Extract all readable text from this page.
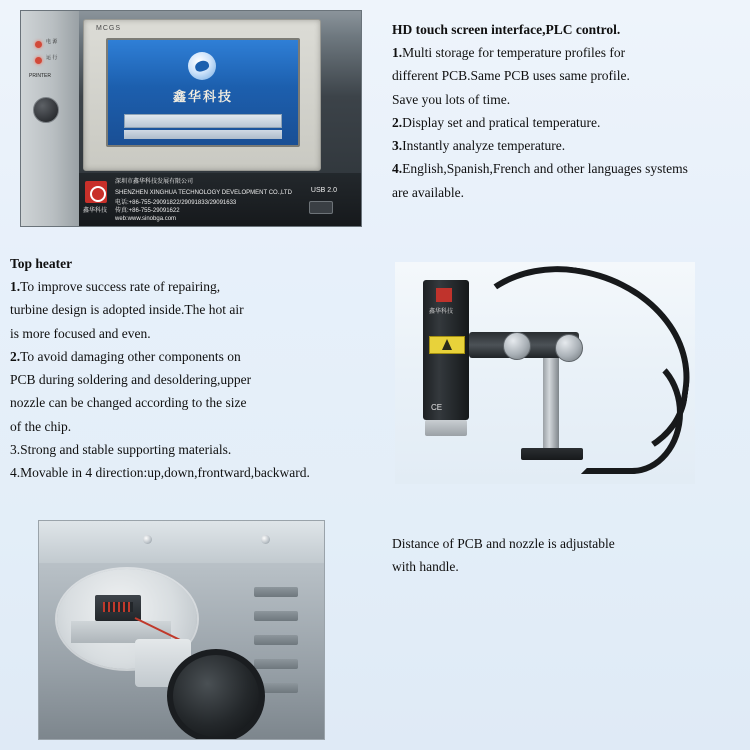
电 源
运 行
PRINTER
MCGS
鑫华科技
鑫华科技
深圳市鑫华科技发展有限公司
SHENZHEN XINGHUA TECHNOLOGY DEVELOPMENT CO.,LTD
电话:+86-755-29091822/29091833/29091633
传真:+86-755-29091622
web:www.sinobga.com
USB 2.0
HD touch screen interface,PLC control.
1.Multi storage for temperature profiles for
different PCB.Same PCB uses same profile.
Save you lots of time.
2.Display set and pratical temperature.
3.Instantly analyze temperature.
4.English,Spanish,French and other languages systems
are available.
Top heater
1.To improve success rate of repairing,
turbine design is adopted inside.The hot air
is more focused and even.
2.To avoid damaging other components on
PCB during soldering and desoldering,upper
nozzle can be changed according to the size
of the chip.
3.Strong and stable supporting materials.
4.Movable in 4 direction:up,down,frontward,backward.
鑫华科技
CE
Distance of PCB and nozzle is adjustable
with handle.
